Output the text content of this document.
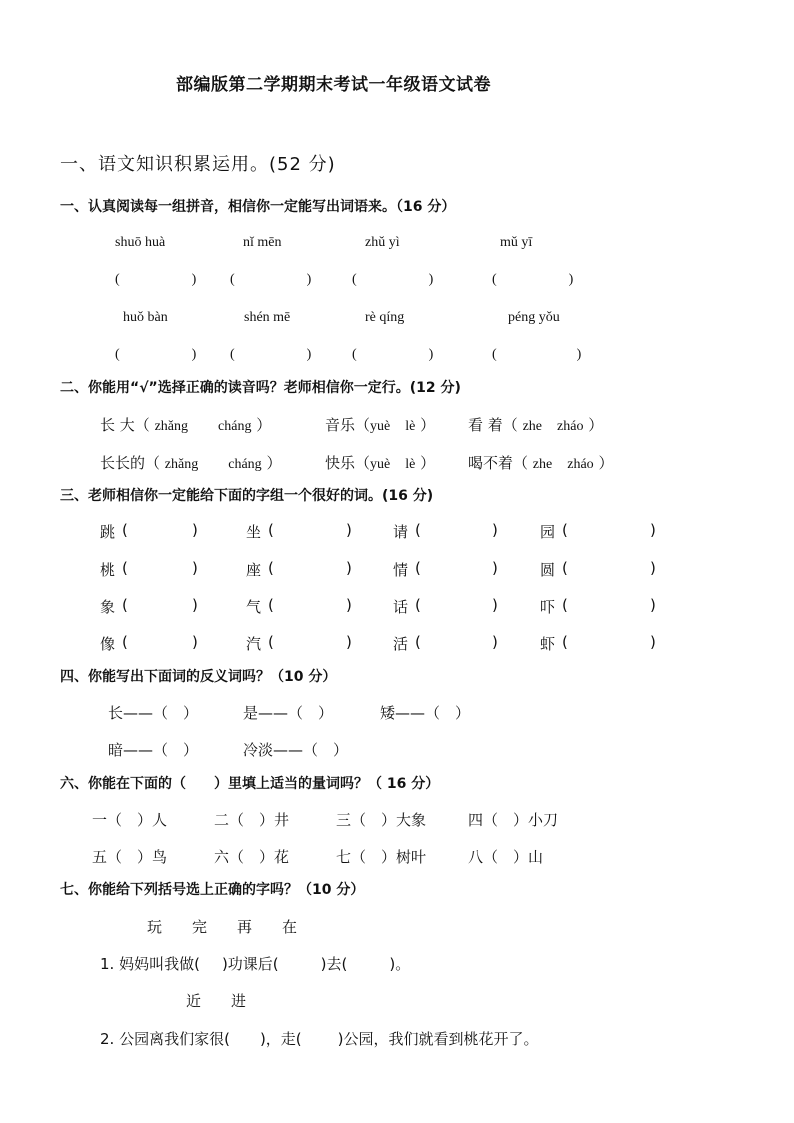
部编版第二学期期末考试一年级语文试卷
一、语文知识积累运用。(52 分)
一、认真阅读每一组拼音，相信你一定能写出词语来。（16 分）
shuō huà	nǐ mēn	zhǔ yì	mǔ yī
(	) (	)	(	)	(	)
huǒ bàn	shén mē	rè qíng	péng yǒu
(	) (	)	(	)	(	)
二、你能用“√”选择正确的读音吗？老师相信你一定行。(12 分)
长 大（ zhǎng　　 cháng ）	音乐（yuè　 lè ） 看 着（ zhe　 zháo ）
长长的（ zhǎng　　 cháng ）	快乐（yuè　 lè ） 喝不着（ zhe　 zháo ）
三、老师相信你一定能给下面的字组一个很好的词。(16 分)
跳 (	)	坐 (	)	请 (	)	园 (	)
桃 (	)	座 (	)	情 (	)	圆 (	)
象 (	)	气 (	)	话 (	)	吓 (	)
像 (	)	汽 (	)	活 (	)	虾 (	)
四、你能写出下面词的反义词吗？（10 分）
长——（　）	是——（　）	矮——（　）
暗——（　）	冷淡——（　）
六、你能在下面的（　　）里填上适当的量词吗？（ 16 分）
一（　）人	二（　）井	三（　）大象	四（　）小刀
五（　）鸟	六（　）花	七（　）树叶	八（　）山
七、你能给下列括号选上正确的字吗？（10 分）
玩　　完　　再　　在
1. 妈妈叫我做( )功课后(	)去(	)。
近　　进
2. 公园离我们家很( )，走( )公园，我们就看到桃花开了。
